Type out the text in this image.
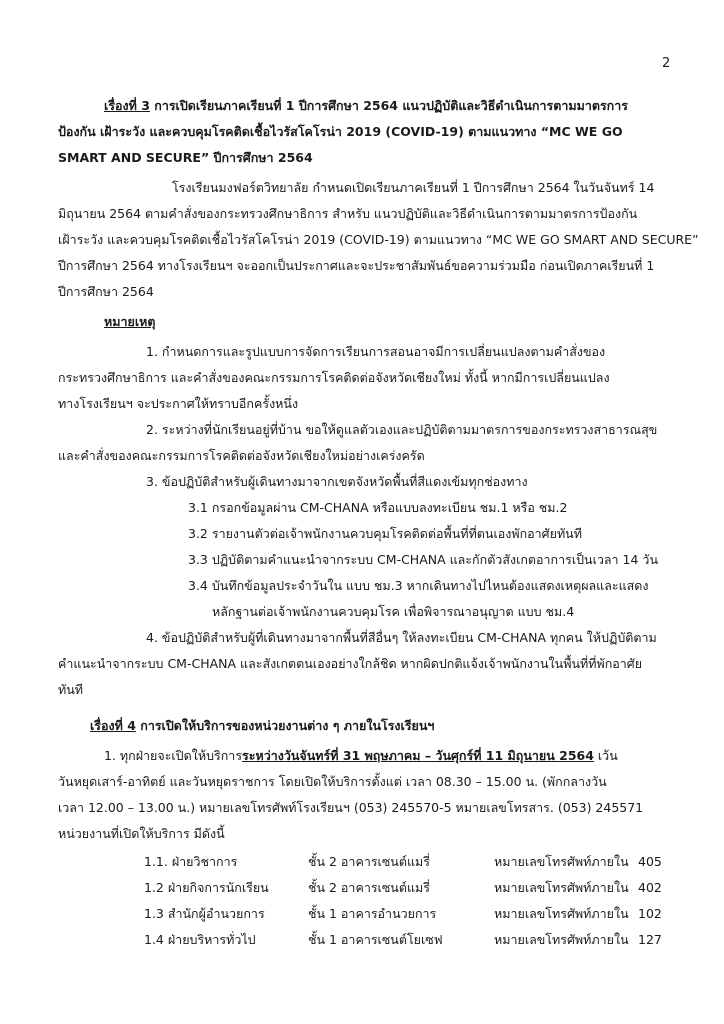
2
เรื่องที่ 3 การเปิดเรียนภาคเรียนที่ 1 ปีการศึกษา 2564 แนวปฏิบัติและวิธีดำเนินการตามมาตรการ
ป้องกัน เฝ้าระวัง และควบคุมโรคติดเชื้อไวรัสโคโรน่า 2019 (COVID-19) ตามแนวทาง “MC WE GO
SMART AND SECURE” ปีการศึกษา 2564
โรงเรียนมงฟอร์ตวิทยาลัย กำหนดเปิดเรียนภาคเรียนที่ 1 ปีการศึกษา 2564 ในวันจันทร์ 14
มิถุนายน 2564 ตามคำสั่งของกระทรวงศึกษาธิการ สำหรับ แนวปฏิบัติและวิธีดำเนินการตามมาตรการป้องกัน
เฝ้าระวัง และควบคุมโรคติดเชื้อไวรัสโคโรน่า 2019 (COVID-19) ตามแนวทาง “MC WE GO SMART AND SECURE”
ปีการศึกษา 2564 ทางโรงเรียนฯ จะออกเป็นประกาศและจะประชาสัมพันธ์ขอความร่วมมือ ก่อนเปิดภาคเรียนที่ 1
ปีการศึกษา 2564
หมายเหตุ
1. กำหนดการและรูปแบบการจัดการเรียนการสอนอาจมีการเปลี่ยนแปลงตามคำสั่งของ
กระทรวงศึกษาธิการ และคำสั่งของคณะกรรมการโรคติดต่อจังหวัดเชียงใหม่ ทั้งนี้ หากมีการเปลี่ยนแปลง
ทางโรงเรียนฯ จะประกาศให้ทราบอีกครั้งหนึ่ง
2. ระหว่างที่นักเรียนอยู่ที่บ้าน ขอให้ดูแลตัวเองและปฏิบัติตามมาตรการของกระทรวงสาธารณสุข
และคำสั่งของคณะกรรมการโรคติดต่อจังหวัดเชียงใหม่อย่างเคร่งครัด
3. ข้อปฏิบัติสำหรับผู้เดินทางมาจากเขตจังหวัดพื้นที่สีแดงเข้มทุกช่องทาง
3.1 กรอกข้อมูลผ่าน CM-CHANA หรือแบบลงทะเบียน ชม.1 หรือ ชม.2
3.2 รายงานตัวต่อเจ้าพนักงานควบคุมโรคติดต่อพื้นที่ที่ตนเองพักอาศัยทันที
3.3 ปฏิบัติตามคำแนะนำจากระบบ CM-CHANA และกักตัวสังเกตอาการเป็นเวลา 14 วัน
3.4 บันทึกข้อมูลประจำวันใน แบบ ชม.3 หากเดินทางไปไหนต้องแสดงเหตุผลและแสดง
หลักฐานต่อเจ้าพนักงานควบคุมโรค เพื่อพิจารณาอนุญาต แบบ ชม.4
4. ข้อปฏิบัติสำหรับผู้ที่เดินทางมาจากพื้นที่สีอื่นๆ ให้ลงทะเบียน CM-CHANA ทุกคน ให้ปฏิบัติตาม
คำแนะนำจากระบบ CM-CHANA และสังเกตตนเองอย่างใกล้ชิด หากผิดปกติแจ้งเจ้าพนักงานในพื้นที่ที่พักอาศัย
ทันที
เรื่องที่ 4 การเปิดให้บริการของหน่วยงานต่าง ๆ ภายในโรงเรียนฯ
1. ทุกฝ่ายจะเปิดให้บริการระหว่างวันจันทร์ที่ 31 พฤษภาคม – วันศุกร์ที่ 11 มิถุนายน 2564 เว้น
วันหยุดเสาร์-อาทิตย์ และวันหยุดราชการ โดยเปิดให้บริการตั้งแต่ เวลา 08.30 – 15.00 น. (พักกลางวัน
เวลา 12.00 – 13.00 น.) หมายเลขโทรศัพท์โรงเรียนฯ (053) 245570-5 หมายเลขโทรสาร. (053) 245571
หน่วยงานที่เปิดให้บริการ มีดังนี้
1.1. ฝ่ายวิชาการ	ชั้น 2 อาคารเซนต์แมรี่	หมายเลขโทรศัพท์ภายใน 405
1.2 ฝ่ายกิจการนักเรียน	ชั้น 2 อาคารเซนต์แมรี่	หมายเลขโทรศัพท์ภายใน 402
1.3 สำนักผู้อำนวยการ	ชั้น 1 อาคารอำนวยการ	หมายเลขโทรศัพท์ภายใน 102
1.4 ฝ่ายบริหารทั่วไป	ชั้น 1 อาคารเซนต์โยเซฟ	หมายเลขโทรศัพท์ภายใน 127
